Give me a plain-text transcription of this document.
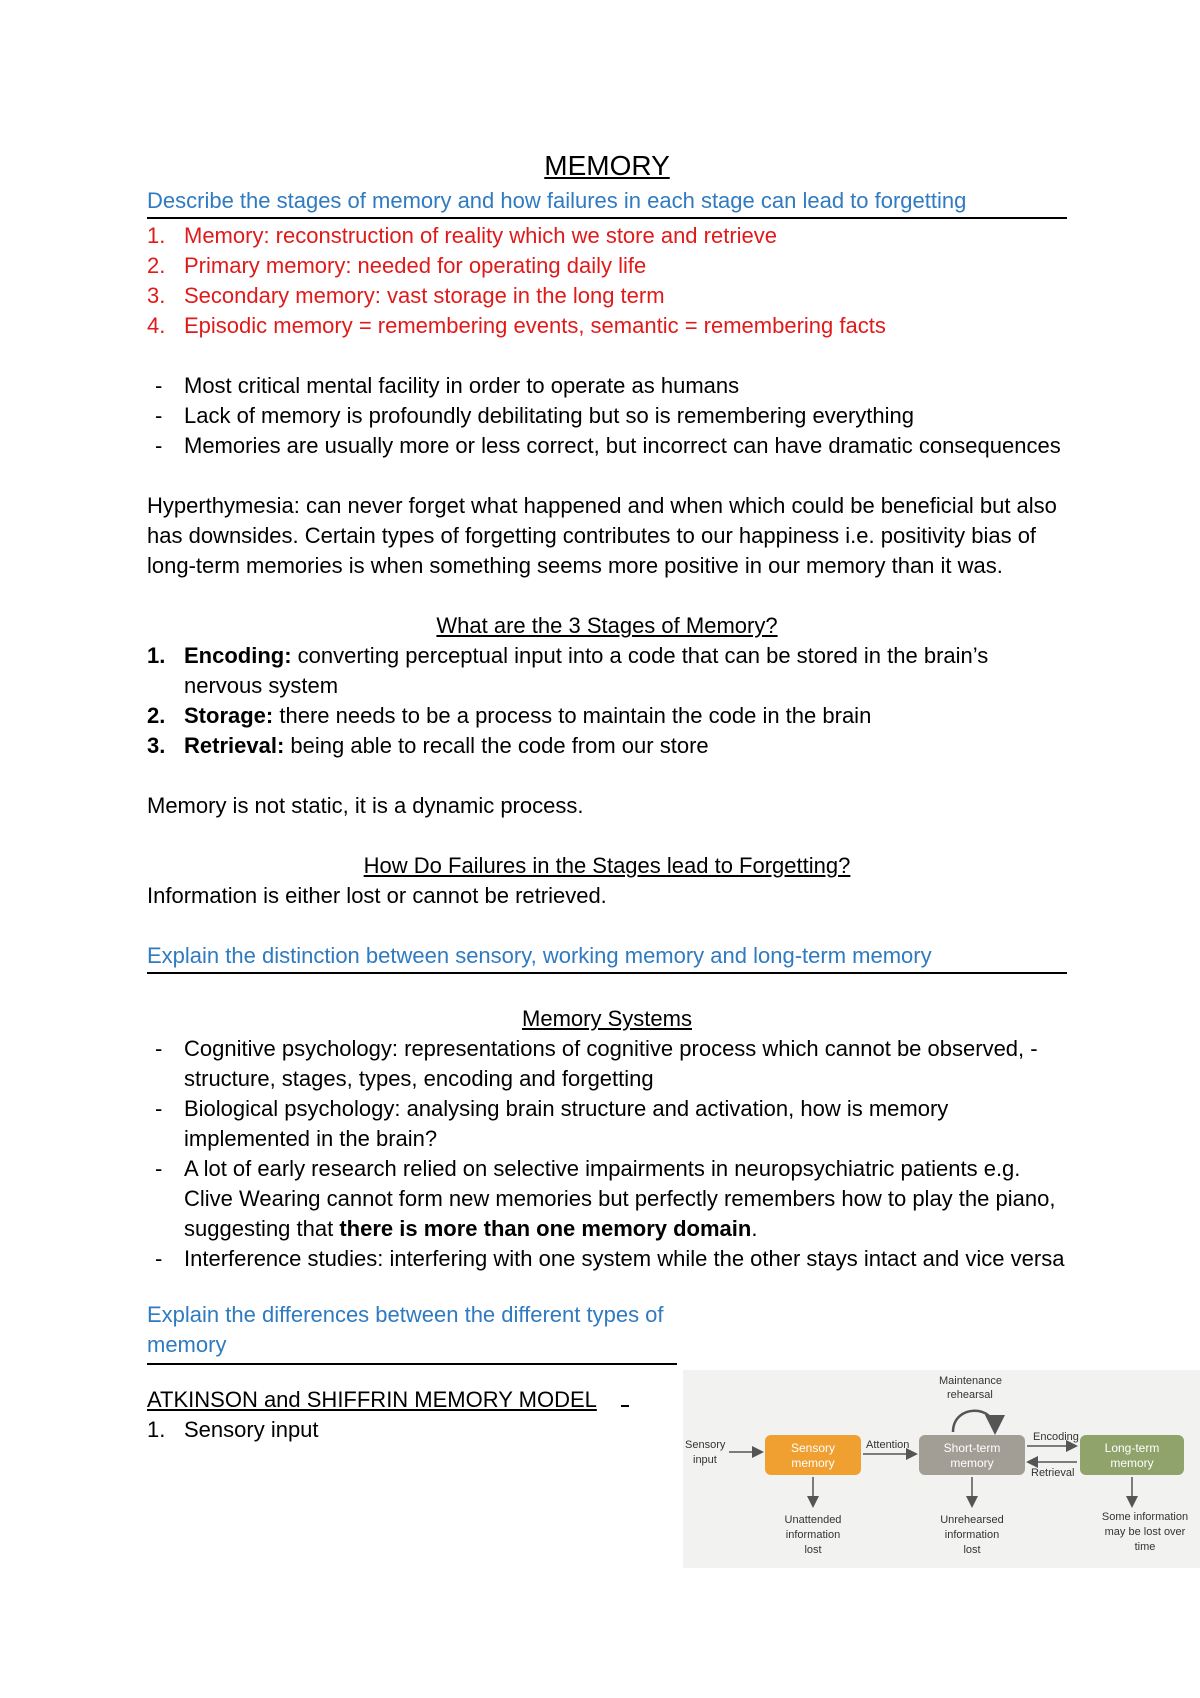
MEMORY
Describe the stages of memory and how failures in each stage can lead to forgetting
1. Memory: reconstruction of reality which we store and retrieve
2. Primary memory: needed for operating daily life
3. Secondary memory: vast storage in the long term
4. Episodic memory = remembering events, semantic = remembering facts
- Most critical mental facility in order to operate as humans
- Lack of memory is profoundly debilitating but so is remembering everything
- Memories are usually more or less correct, but incorrect can have dramatic consequences

Hyperthymesia: can never forget what happened and when which could be beneficial but also has downsides. Certain types of forgetting contributes to our happiness i.e. positivity bias of long-term memories is when something seems more positive in our memory than it was.

What are the 3 Stages of Memory?
1. Encoding: converting perceptual input into a code that can be stored in the brain’s nervous system
2. Storage: there needs to be a process to maintain the code in the brain
3. Retrieval: being able to recall the code from our store

Memory is not static, it is a dynamic process.

How Do Failures in the Stages lead to Forgetting?

Information is either lost or cannot be retrieved.

Explain the distinction between sensory, working memory and long-term memory
Memory Systems
- Cognitive psychology: representations of cognitive process which cannot be observed, - structure, stages, types, encoding and forgetting
- Biological psychology: analysing brain structure and activation, how is memory implemented in the brain?
- A lot of early research relied on selective impairments in neuropsychiatric patients e.g. Clive Wearing cannot form new memories but perfectly remembers how to play the piano, suggesting that there is more than one memory domain.
- Interference studies: interfering with one system while the other stays intact and vice versa
Explain the differences between the different types of memory
ATKINSON and SHIFFRIN MEMORY MODEL
1. Sensory input
Sensory
input
Sensory
memory
Attention	Short-term
memory
Maintenance
rehearsal
Encoding
Retrieval
Long-term
memory
Unattended
information
lost
Unrehearsed
information
lost
Some information
may be lost over
time
